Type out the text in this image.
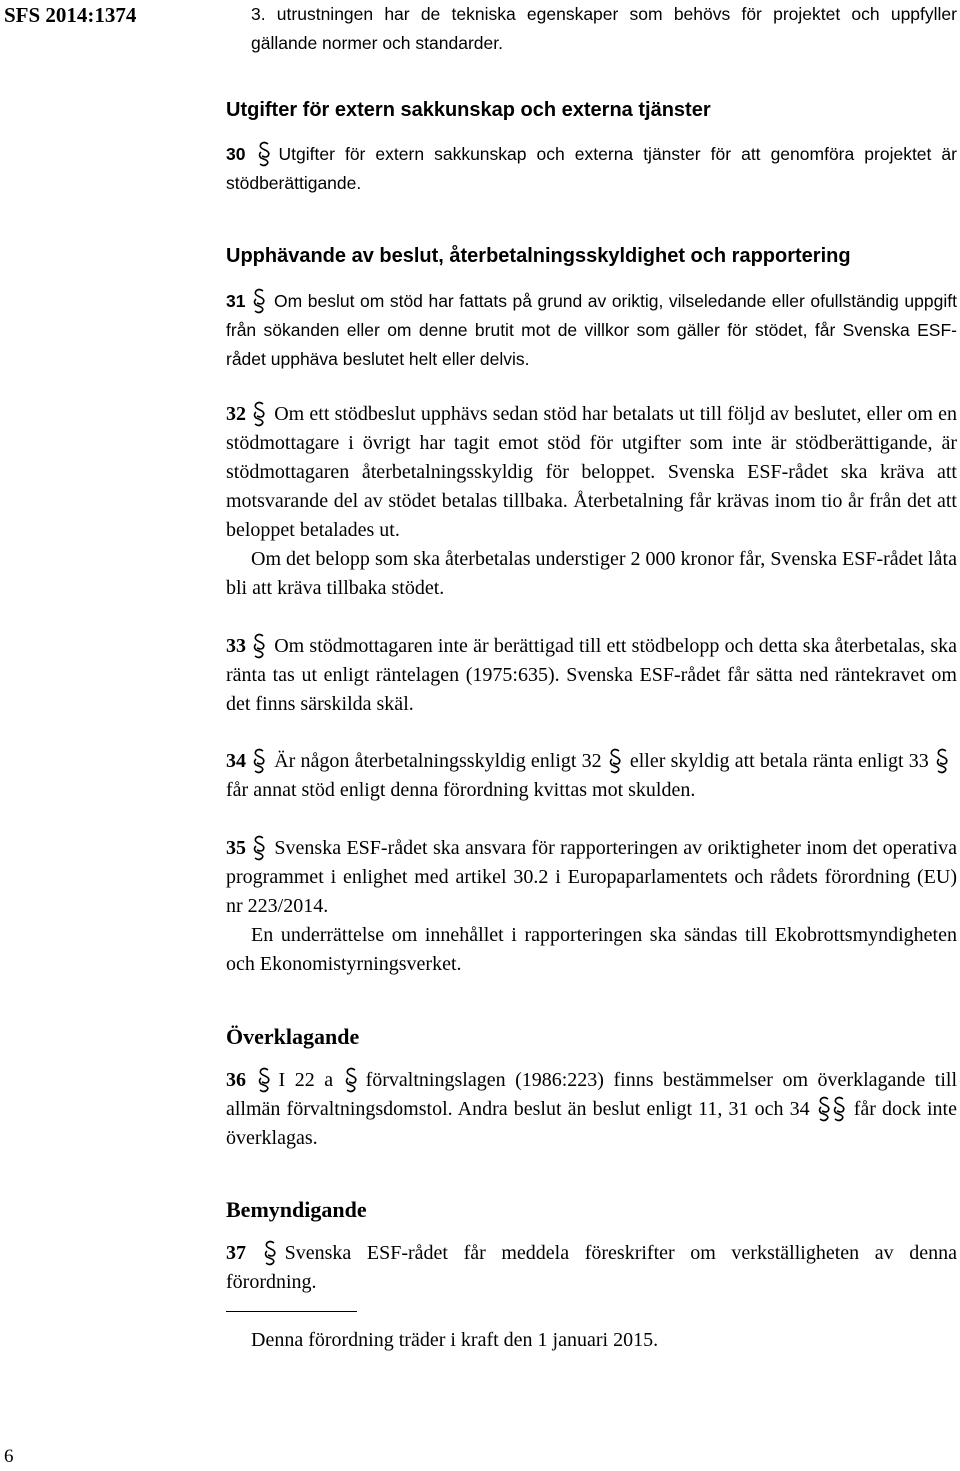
SFS 2014:1374	3. utrustningen har de tekniska egenskaper som behövs för projektet och uppfyller gällande normer och standarder.

Utgifter för extern sakkunskap och externa tjänster

30 Utgifter för extern sakkunskap och externa tjänster för att genomföra projektet är stödberättigande.

Upphävande av beslut, återbetalningsskyldighet och rapportering

31 Om beslut om stöd har fattats på grund av oriktig, vilseledande eller ofullständig uppgift från sökanden eller om denne brutit mot de villkor som gäller för stödet, får Svenska ESF-rådet upphäva beslutet helt eller delvis.

32 Om ett stödbeslut upphävs sedan stöd har betalats ut till följd av beslutet, eller om en stödmottagare i övrigt har tagit emot stöd för utgifter som inte är stödberättigande, är stödmottagaren återbetalningsskyldig för beloppet. Svenska ESF-rådet ska kräva att motsvarande del av stödet betalas tillbaka. Återbetalning får krävas inom tio år från det att beloppet betalades ut.

Om det belopp som ska återbetalas understiger 2 000 kronor får, Svenska ESF-rådet låta bli att kräva tillbaka stödet.

33 Om stödmottagaren inte är berättigad till ett stödbelopp och detta ska återbetalas, ska ränta tas ut enligt räntelagen (1975:635). Svenska ESF-rådet får sätta ned räntekravet om det finns särskilda skäl.

34 Är någon återbetalningsskyldig enligt 32 eller skyldig att betala ränta enligt 33
får annat stöd enligt denna förordning kvittas mot skulden.

35 Svenska ESF-rådet ska ansvara för rapporteringen av oriktigheter inom det operativa programmet i enlighet med artikel 30.2 i Europaparlamentets och rådets förordning (EU) nr 223/2014.

En underrättelse om innehållet i rapporteringen ska sändas till Ekobrottsmyndigheten och Ekonomistyrningsverket.

Överklagande

36 I 22 a förvaltningslagen (1986:223) finns bestämmelser om överklagande till allmän förvaltningsdomstol. Andra beslut än beslut enligt 11, 31 och 34 får dock inte överklagas.

Bemyndigande

37 Svenska ESF-rådet får meddela föreskrifter om verkställigheten av denna förordning.

Denna förordning träder i kraft den 1 januari 2015.

6
